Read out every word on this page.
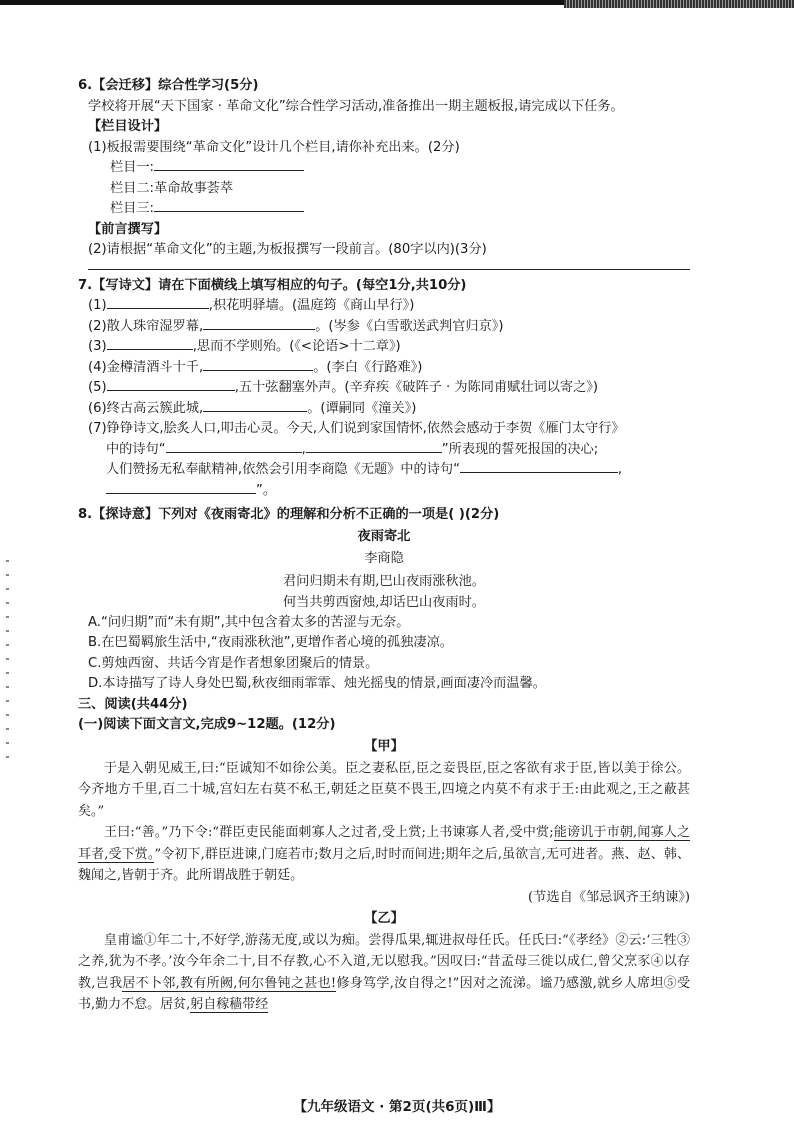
6.【会迁移】综合性学习(5分)
学校将开展“天下国家 · 革命文化”综合性学习活动,准备推出一期主题板报,请完成以下任务。
【栏目设计】
(1)板报需要围绕“革命文化”设计几个栏目,请你补充出来。(2分)
栏目一:
栏目二:革命故事荟萃
栏目三:
【前言撰写】
(2)请根据“革命文化”的主题,为板报撰写一段前言。(80字以内)(3分)
7.【写诗文】请在下面横线上填写相应的句子。(每空1分,共10分)
(1)	,枳花明驿墙。(温庭筠《商山早行》)
(2)散人珠帘湿罗幕,	。(岑参《白雪歌送武判官归京》)
(3)	,思而不学则殆。(《<论语>十二章》)
(4)金樽清酒斗十千,	。(李白《行路难》)
(5)	,五十弦翻塞外声。(辛弃疾《破阵子 · 为陈同甫赋壮词以寄之》)
(6)终古高云簇此城,	。(谭嗣同《潼关》)
(7)铮铮诗文,脍炙人口,叩击心灵。今天,人们说到家国情怀,依然会感动于李贺《雁门太守行》
中的诗句“	,	”所表现的誓死报国的决心;
人们赞扬无私奉献精神,依然会引用李商隐《无题》中的诗句“	,
”。
8.【探诗意】下列对《夜雨寄北》的理解和分析不正确的一项是( )(2分)
夜雨寄北
李商隐
君问归期未有期,巴山夜雨涨秋池。
何当共剪西窗烛,却话巴山夜雨时。
A.“问归期”而“未有期”,其中包含着太多的苦涩与无奈。
B.在巴蜀羁旅生活中,“夜雨涨秋池”,更增作者心境的孤独凄凉。
C.剪烛西窗、共话今宵是作者想象团聚后的情景。
D.本诗描写了诗人身处巴蜀,秋夜细雨霏霏、烛光摇曳的情景,画面凄冷而温馨。
三、阅读(共44分)
(一)阅读下面文言文,完成9~12题。(12分)
【甲】
于是入朝见威王,曰:“臣诚知不如徐公美。臣之妻私臣,臣之妾畏臣,臣之客欲有求于臣,皆以美于徐公。今齐地方千里,百二十城,宫妇左右莫不私王,朝廷之臣莫不畏王,四境之内莫不有求于王:由此观之,王之蔽甚矣。”
王曰:“善。”乃下令:“群臣吏民能面刺寡人之过者,受上赏;上书谏寡人者,受中赏;能谤讥于市朝,闻寡人之耳者,受下赏。”令初下,群臣进谏,门庭若市;数月之后,时时而间进;期年之后,虽欲言,无可进者。燕、赵、韩、魏闻之,皆朝于齐。此所谓战胜于朝廷。
(节选自《邹忌讽齐王纳谏》)
【乙】
皇甫谧①年二十,不好学,游荡无度,或以为痴。尝得瓜果,辄进叔母任氏。任氏曰:“《孝经》②云:‘三牲③之养,犹为不孝。’汝今年余二十,目不存教,心不入道,无以慰我。”因叹曰:“昔孟母三徙以成仁,曾父烹豕④以存教,岂我居不卜邻,教有所阙,何尔鲁钝之甚也!修身笃学,汝自得之!”因对之流涕。谧乃感激,就乡人席坦⑤受书,勤力不怠。居贫,躬自稼穑带经
【九年级语文 · 第2页(共6页)Ⅲ】
